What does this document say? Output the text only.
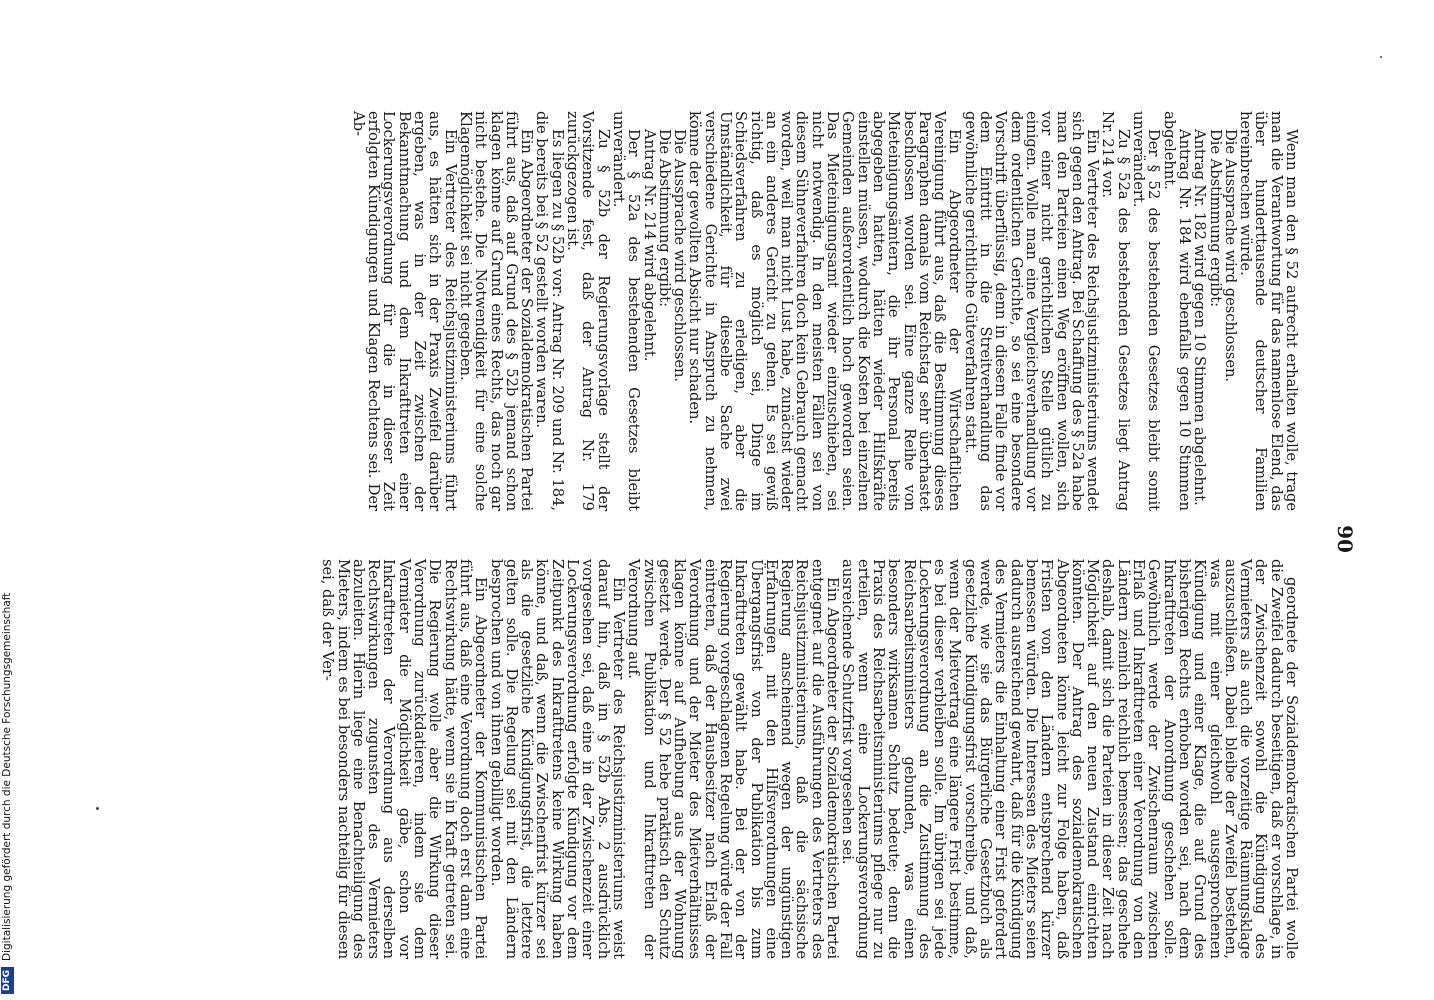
90

Wenn man den § 52 aufrecht erhalten wolle, trage man die Verantwortung für das namenlose Elend, das über hunderttausende deutscher Familien hereinbrechen würde.

Die Aussprache wird geschlossen.

Die Abstimmung ergibt:

Antrag Nr. 182 wird gegen 10 Stimmen abgelehnt.

Antrag Nr. 184 wird ebenfalls gegen 10 Stimmen abgelehnt.

Der § 52 des bestehenden Gesetzes bleibt somit unverändert.

Zu § 52a des bestehenden Gesetzes liegt Antrag Nr. 214 vor.

Ein Vertreter des Reichsjustizministeriums wendet sich gegen den Antrag. Bei Schaffung des § 52a habe man den Parteien einen Weg eröffnen wollen, sich vor einer nicht gerichtlichen Stelle gütlich zu einigen. Wolle man eine Vergleichsverhandlung vor dem ordentlichen Gerichte, so sei eine besondere Vorschrift überflüssig, denn in diesem Falle finde vor dem Eintritt in die Streitverhandlung das gewöhnliche gerichtliche Güteverfahren statt.

Ein Abgeordneter der Wirtschaftlichen Vereinigung führt aus, daß die Bestimmung dieses Paragraphen damals vom Reichstag sehr überhastet beschlossen worden sei. Eine ganze Reihe von Mieteinigungsämtern, die ihr Personal bereits abgegeben hatten, hätten wieder Hilfskräfte einstellen müssen, wodurch die Kosten bei einzelnen Gemeinden außerordentlich hoch geworden seien. Das Mieteinigungsamt wieder einzuschieben, sei nicht notwendig. In den meisten Fällen sei von diesem Sühneverfahren doch kein Gebrauch gemacht worden, weil man nicht Lust habe, zunächst wieder an ein anderes Gericht zu gehen. Es sei gewiß richtig, daß es möglich sei, Dinge im Schiedsverfahren zu erledigen, aber die Umständlichkeit, für dieselbe Sache zwei verschiedene Gerichte in Anspruch zu nehmen, könne der gewollten Absicht nur schaden.

Die Aussprache wird geschlossen.

Die Abstimmung ergibt:

Antrag Nr. 214 wird abgelehnt.

Der § 52a des bestehenden Gesetzes bleibt unverändert.

Zu § 52b der Regierungsvorlage stellt der Vorsitzende fest, daß der Antrag Nr. 179 zurückgezogen ist.

Es liegen zu § 52b vor: Antrag Nr. 209 und Nr. 184, die bereits bei § 52 gestellt worden waren.

Ein Abgeordneter der Sozialdemokratischen Partei führt aus, daß auf Grund des § 52b jemand schon klagen könne auf Grund eines Rechts, das noch gar nicht bestehe. Die Notwendigkeit für eine solche Klagemöglichkeit sei nicht gegeben.

Ein Vertreter des Reichsjustizministeriums führt aus, es hätten sich in der Praxis Zweifel darüber ergeben, was in der Zeit zwischen der Bekanntmachung und dem Inkrafttreten einer Lockerungsverordnung für die in dieser Zeit erfolgten Kündigungen und Klagen Rechtens sei. Der Ab-

geordnete der Sozialdemokratischen Partei wolle die Zweifel dadurch beseitigen, daß er vorschlage, in der Zwischenzeit sowohl die Kündigung des Vermieters als auch die vorzeitige Räumungsklage auszuschließen. Dabei bleibe der Zweifel bestehen, was mit einer gleichwohl ausgesprochenen Kündigung und einer Klage, die auf Grund des bisherigen Rechts erhoben worden sei, nach dem Inkrafttreten der Anordnung geschehen solle. Gewöhnlich werde der Zwischenraum zwischen Erlaß und Inkrafttreten einer Verordnung von den Ländern ziemlich reichlich bemessen; das geschehe deshalb, damit sich die Parteien in dieser Zeit nach Möglichkeit auf den neuen Zustand einrichten könnten. Der Antrag des sozialdemokratischen Abgeordneten könne leicht zur Folge haben, daß Fristen von den Ländern entsprechend kürzer bemessen würden. Die Interessen des Mieters seien dadurch ausreichend gewahrt, daß für die Kündigung des Vermieters die Einhaltung einer Frist gefordert werde, wie sie das Bürgerliche Gesetzbuch als gesetzliche Kündigungsfrist vorschreibe, und daß, wenn der Mietvertrag eine längere Frist bestimme, es bei dieser verbleiben solle. Im übrigen sei jede Lockerungsverordnung an die Zustimmung des Reichsarbeitsministers gebunden, was einen besonders wirksamen Schutz bedeute; denn die Praxis des Reichsarbeitsministeriums pflege nur zu erteilen, wenn eine Lockerungsverordnung ausreichende Schutzfrist vorgesehen sei.

Ein Abgeordneter der Sozialdemokratischen Partei entgegnet auf die Ausführungen des Vertreters des Reichsjustizministeriums, daß die sächsische Regierung anscheinend wegen der ungünstigen Erfahrungen mit den Hilfsverordnungen eine Übergangsfrist von der Publikation bis zum Inkrafttreten gewählt habe. Bei der von der Regierung vorgeschlagenen Regelung würde der Fall eintreten, daß der Hausbesitzer nach Erlaß der Verordnung und der Mieter des Mietverhältnisses klagen könne auf Aufhebung aus der Wohnung gesetzt werde. Der § 52 hebe praktisch den Schutz zwischen Publikation und Inkrafttreten der Verordnung auf.

Ein Vertreter des Reichsjustizministeriums weist darauf hin, daß im § 52b Abs. 2 ausdrücklich vorgesehen sei, daß eine in der Zwischenzeit einer Lockerungsverordnung erfolgte Kündigung vor dem Zeitpunkt des Inkrafttretens keine Wirkung haben könne, und daß, wenn die Zwischenfrist kürzer sei als die gesetzliche Kündigungsfrist, die letztere gelten solle. Die Regelung sei mit den Ländern besprochen und von ihnen gebilligt worden.

Ein Abgeordneter der Kommunistischen Partei führt aus, daß eine Verordnung doch erst dann eine Rechtswirkung hätte, wenn sie in Kraft getreten sei. Die Regierung wolle aber die Wirkung dieser Verordnung zurückdatieren, indem sie dem Vermieter die Möglichkeit gäbe, schon vor Inkrafttreten der Verordnung aus derselben Rechtswirkungen zugunsten des Vermieters abzuleiten. Hierin liege eine Benachteiligung des Mieters, indem es bei besonders nachteilig für diesen sei, daß der Ver-

DFG
Digitalisierung gefördert durch die Deutsche Forschungsgemeinschaft
